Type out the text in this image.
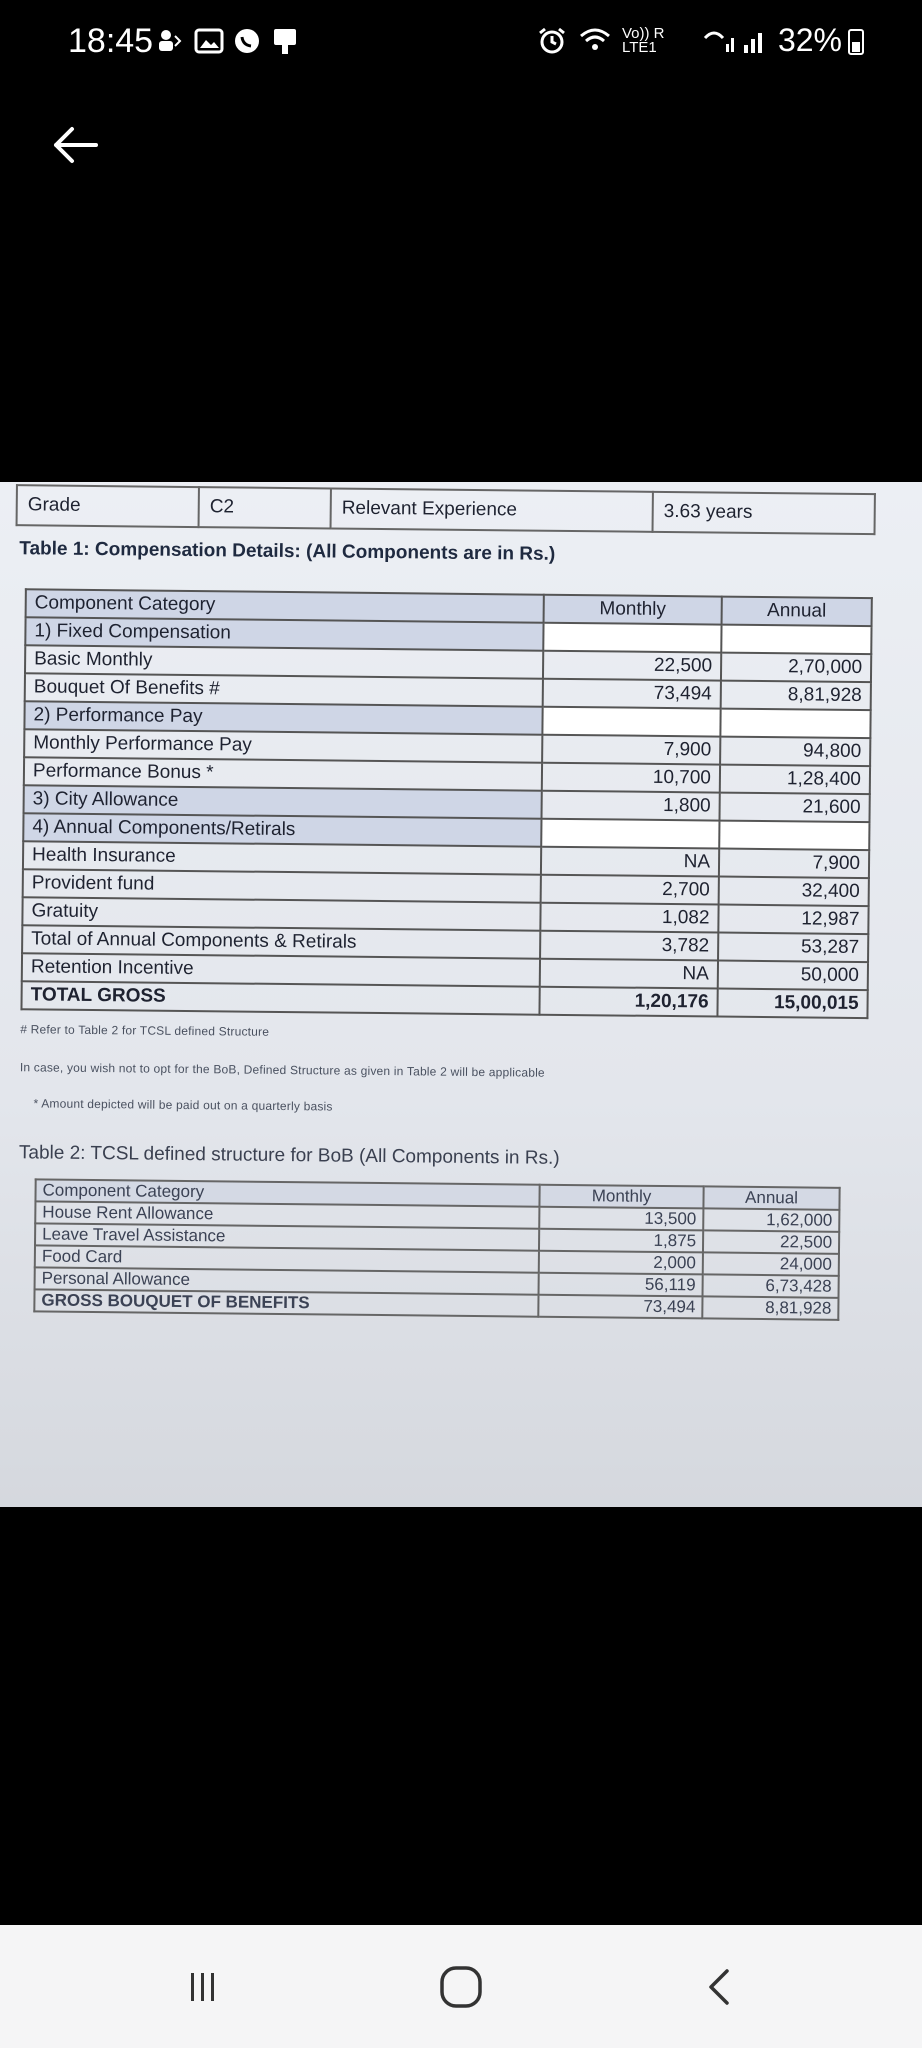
18:45	Vo)) R LTE1	32%
Grade	C2	Relevant Experience	3.63 years
Table 1: Compensation Details: (All Components are in Rs.)
Component Category	Monthly	Annual
1) Fixed Compensation		
Basic Monthly	22,500	2,70,000
Bouquet Of Benefits #	73,494	8,81,928
2) Performance Pay		
Monthly Performance Pay	7,900	94,800
Performance Bonus *	10,700	1,28,400
3) City Allowance	1,800	21,600
4) Annual Components/Retirals		
Health Insurance	NA	7,900
Provident fund	2,700	32,400
Gratuity	1,082	12,987
Total of Annual Components & Retirals	3,782	53,287
Retention Incentive	NA	50,000
TOTAL GROSS	1,20,176	15,00,015
# Refer to Table 2 for TCSL defined Structure
In case, you wish not to opt for the BoB, Defined Structure as given in Table 2 will be applicable
* Amount depicted will be paid out on a quarterly basis
Table 2: TCSL defined structure for BoB (All Components in Rs.)
Component Category	Monthly	Annual
House Rent Allowance	13,500	1,62,000
Leave Travel Assistance	1,875	22,500
Food Card	2,000	24,000
Personal Allowance	56,119	6,73,428
GROSS BOUQUET OF BENEFITS	73,494	8,81,928
